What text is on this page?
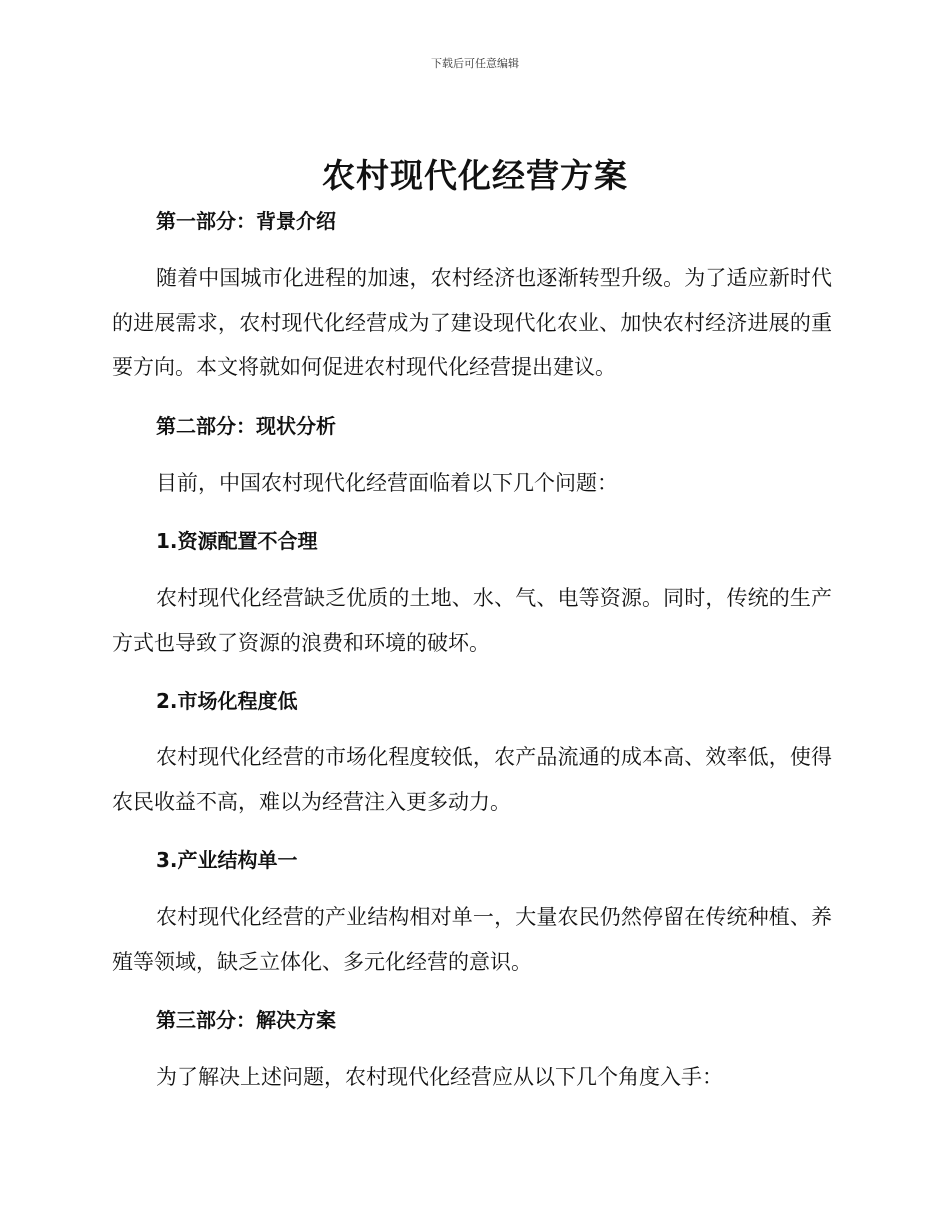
下载后可任意编辑
农村现代化经营方案
第一部分：背景介绍

随着中国城市化进程的加速，农村经济也逐渐转型升级。为了适应新时代的进展需求，农村现代化经营成为了建设现代化农业、加快农村经济进展的重要方向。本文将就如何促进农村现代化经营提出建议。

第二部分：现状分析

目前，中国农村现代化经营面临着以下几个问题：

1.资源配置不合理

农村现代化经营缺乏优质的土地、水、气、电等资源。同时，传统的生产方式也导致了资源的浪费和环境的破坏。

2.市场化程度低

农村现代化经营的市场化程度较低，农产品流通的成本高、效率低，使得农民收益不高，难以为经营注入更多动力。

3.产业结构单一

农村现代化经营的产业结构相对单一，大量农民仍然停留在传统种植、养殖等领域，缺乏立体化、多元化经营的意识。

第三部分：解决方案

为了解决上述问题，农村现代化经营应从以下几个角度入手：
